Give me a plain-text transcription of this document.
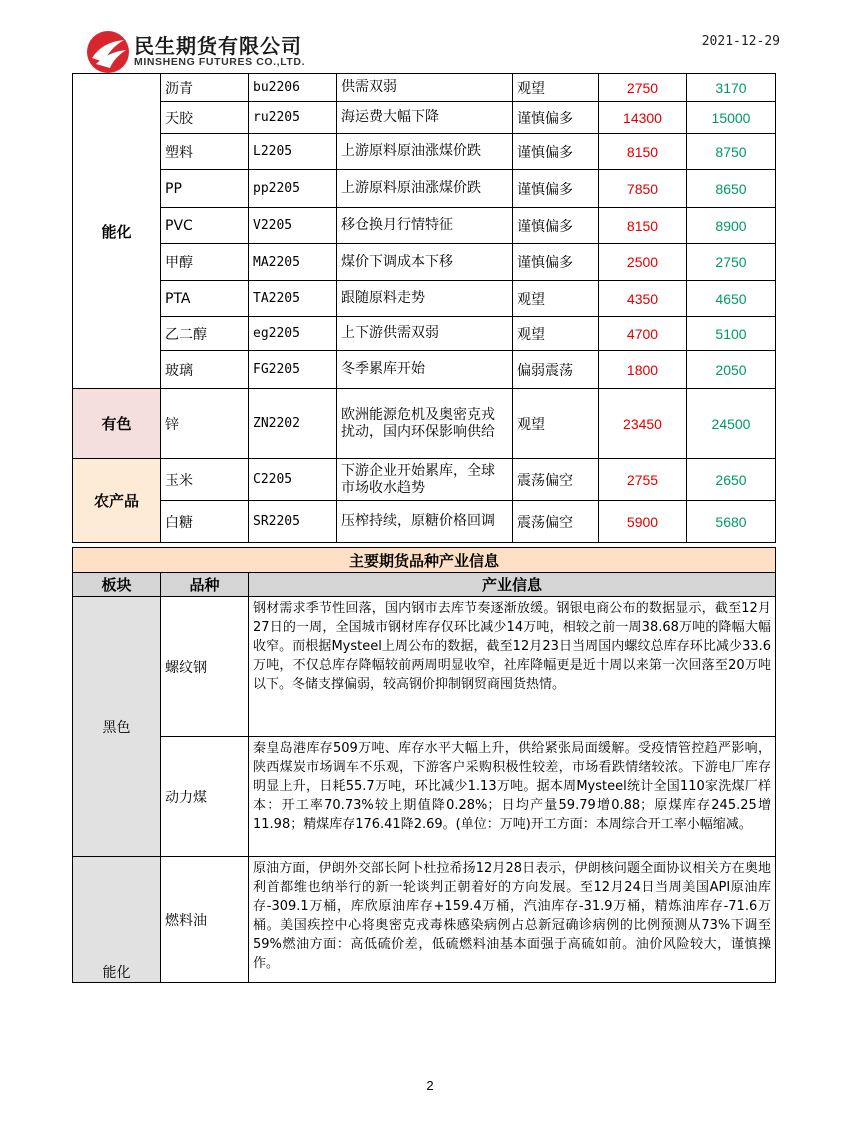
民生期货有限公司
MINSHENG FUTURES CO.,LTD.
2021-12-29
能化	沥青	bu2206	供需双弱	观望	2750	3170
	天胶	ru2205	海运费大幅下降	谨慎偏多	14300	15000
	塑料	L2205	上游原料原油涨煤价跌	谨慎偏多	8150	8750
	PP	pp2205	上游原料原油涨煤价跌	谨慎偏多	7850	8650
	PVC	V2205	移仓换月行情特征	谨慎偏多	8150	8900
	甲醇	MA2205	煤价下调成本下移	谨慎偏多	2500	2750
	PTA	TA2205	跟随原料走势	观望	4350	4650
	乙二醇	eg2205	上下游供需双弱	观望	4700	5100
	玻璃	FG2205	冬季累库开始	偏弱震荡	1800	2050
有色	锌	ZN2202	欧洲能源危机及奥密克戎扰动，国内环保影响供给	观望	23450	24500
农产品	玉米	C2205	下游企业开始累库，全球市场收水趋势	震荡偏空	2755	2650
	白糖	SR2205	压榨持续，原糖价格回调	震荡偏空	5900	5680
主要期货品种产业信息		
板块	品种	产业信息
黑色	螺纹钢	钢材需求季节性回落，国内钢市去库节奏逐渐放缓。钢银电商公布的数据显示，截至12月27日的一周，全国城市钢材库存仅环比减少14万吨，相较之前一周38.68万吨的降幅大幅收窄。而根据Mysteel上周公布的数据，截至12月23日当周国内螺纹总库存环比减少33.6万吨，不仅总库存降幅较前两周明显收窄，社库降幅更是近十周以来第一次回落至20万吨以下。冬储支撑偏弱，较高钢价抑制钢贸商囤货热情。
	动力煤	秦皇岛港库存509万吨、库存水平大幅上升，供给紧张局面缓解。受疫情管控趋严影响，陕西煤炭市场调车不乐观，下游客户采购积极性较差，市场看跌情绪较浓。下游电厂库存明显上升，日耗55.7万吨，环比减少1.13万吨。据本周Mysteel统计全国110家洗煤厂样本：开工率70.73%较上期值降0.28%；日均产量59.79增0.88；原煤库存245.25增11.98；精煤库存176.41降2.69。(单位：万吨)开工方面：本周综合开工率小幅缩减。
能化	燃料油	原油方面，伊朗外交部长阿卜杜拉希扬12月28日表示，伊朗核问题全面协议相关方在奥地利首都维也纳举行的新一轮谈判正朝着好的方向发展。至12月24日当周美国API原油库存-309.1万桶，库欣原油库存+159.4万桶，汽油库存-31.9万桶，精炼油库存-71.6万桶。美国疾控中心将奥密克戎毒株感染病例占总新冠确诊病例的比例预测从73%下调至59%燃油方面：高低硫价差，低硫燃料油基本面强于高硫如前。油价风险较大，谨慎操作。
2
